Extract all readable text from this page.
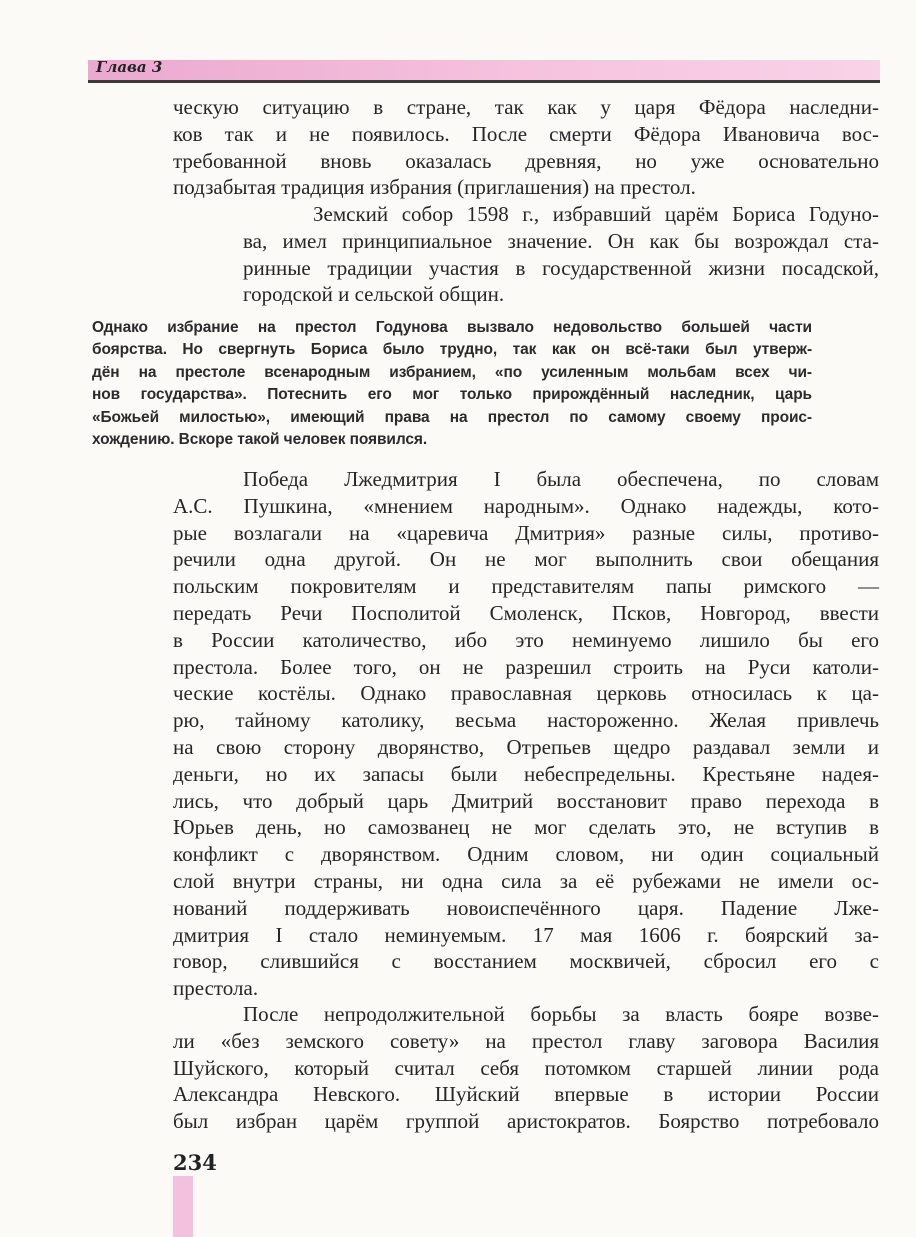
Глава 3

ческую ситуацию в стране, так как у царя Фёдора наследни-
ков так и не появилось. После смерти Фёдора Ивановича вос-
требованной вновь оказалась древняя, но уже основательно
подзабытая традиция избрания (приглашения) на престол.

Земский собор 1598 г., избравший царём Бориса Годуно-
ва, имел принципиальное значение. Он как бы возрождал ста-
ринные традиции участия в государственной жизни посадской,
городской и сельской общин.

Однако избрание на престол Годунова вызвало недовольство большей части
боярства. Но свергнуть Бориса было трудно, так как он всё-таки был утверж-
дён на престоле всенародным избранием, «по усиленным мольбам всех чи-
нов государства». Потеснить его мог только прирождённый наследник, царь
«Божьей милостью», имеющий права на престол по самому своему проис-
хождению. Вскоре такой человек появился.

Победа Лжедмитрия I была обеспечена, по словам
А.С. Пушкина, «мнением народным». Однако надежды, кото-
рые возлагали на «царевича Дмитрия» разные силы, противо-
речили одна другой. Он не мог выполнить свои обещания
польским покровителям и представителям папы римского —
передать Речи Посполитой Смоленск, Псков, Новгород, ввести
в России католичество, ибо это неминуемо лишило бы его
престола. Более того, он не разрешил строить на Руси католи-
ческие костёлы. Однако православная церковь относилась к ца-
рю, тайному католику, весьма настороженно. Желая привлечь
на свою сторону дворянство, Отрепьев щедро раздавал земли и
деньги, но их запасы были небеспредельны. Крестьяне надея-
лись, что добрый царь Дмитрий восстановит право перехода в
Юрьев день, но самозванец не мог сделать это, не вступив в
конфликт с дворянством. Одним словом, ни один социальный
слой внутри страны, ни одна сила за её рубежами не имели ос-
нований поддерживать новоиспечённого царя. Падение Лже-
дмитрия I стало неминуемым. 17 мая 1606 г. боярский за-
говор, слившийся с восстанием москвичей, сбросил его с
престола.

После непродолжительной борьбы за власть бояре возве-
ли «без земского совету» на престол главу заговора Василия
Шуйского, который считал себя потомком старшей линии рода
Александра Невского. Шуйский впервые в истории России
был избран царём группой аристократов. Боярство потребовало

234
